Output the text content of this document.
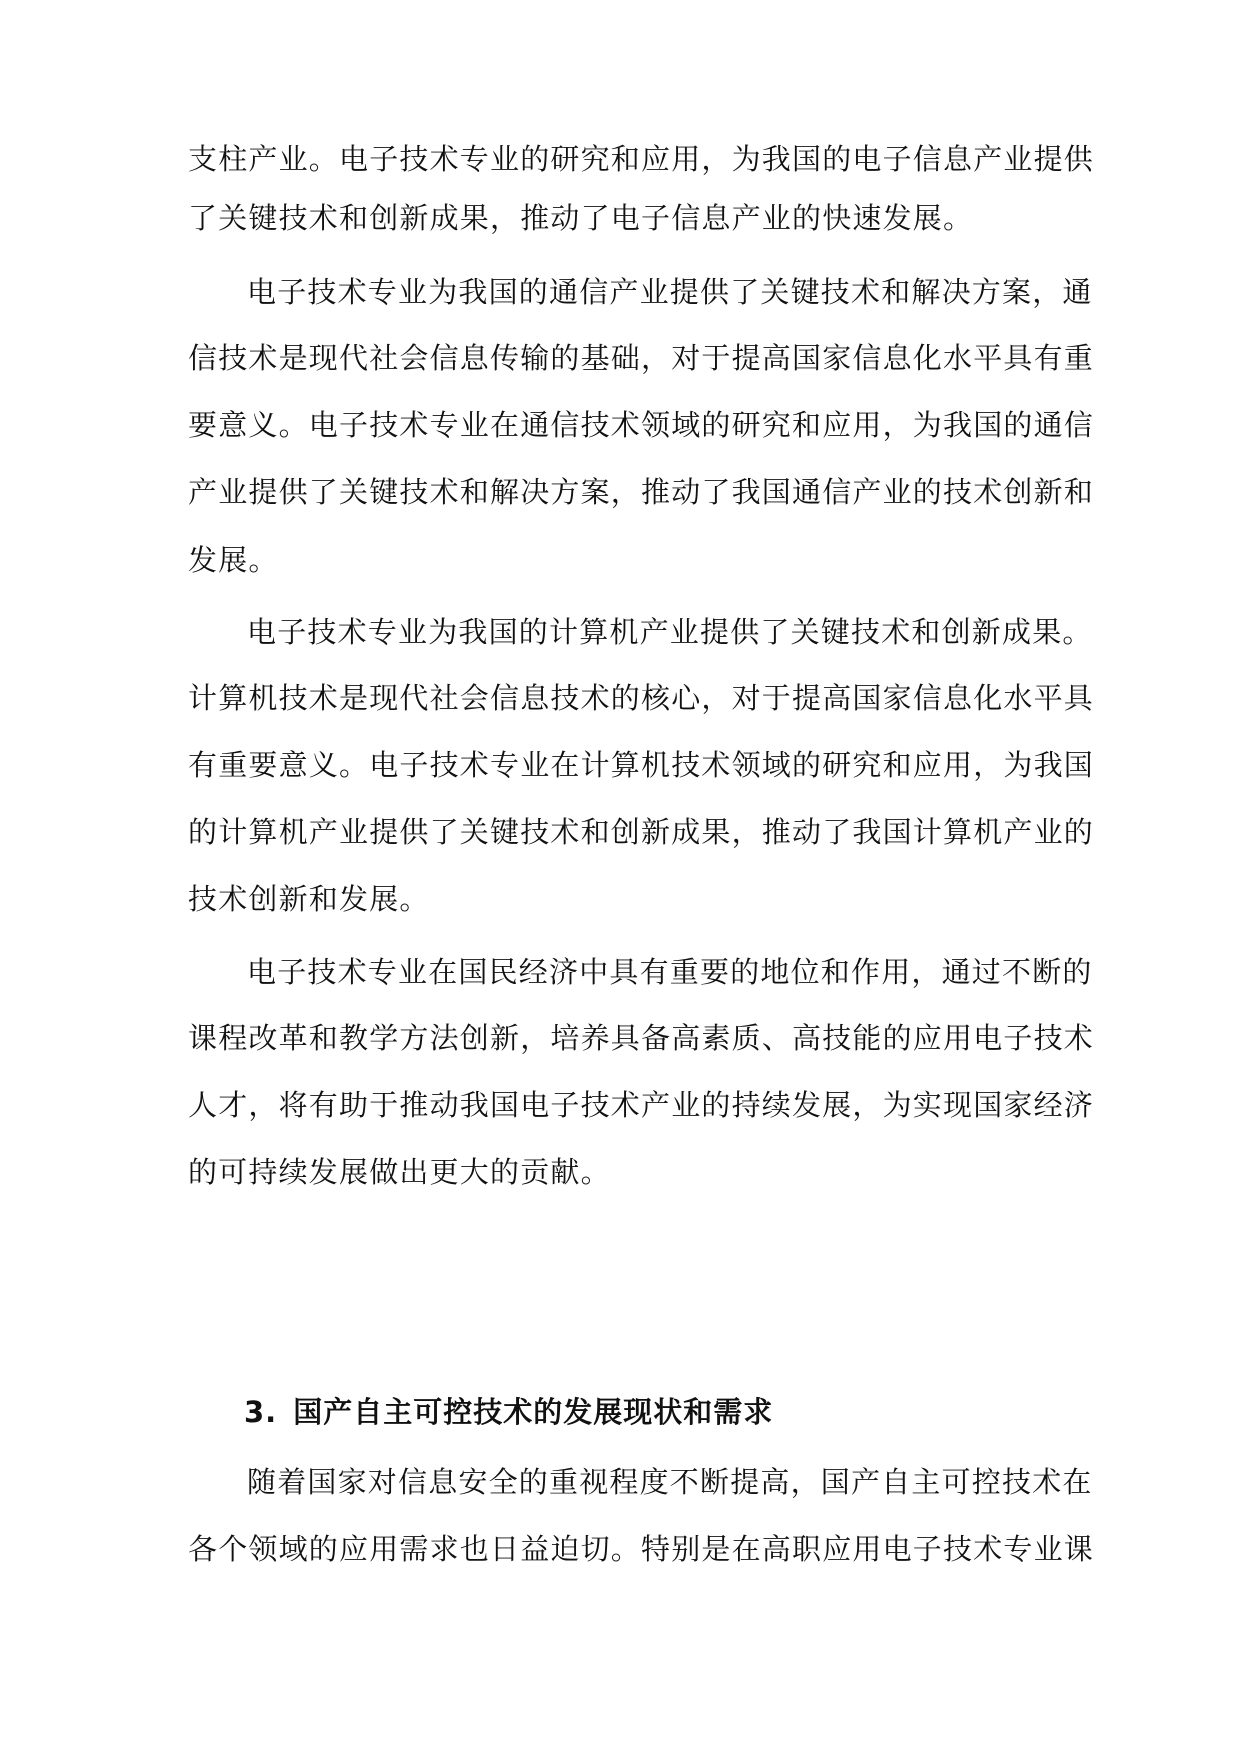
支柱产业。电子技术专业的研究和应用，为我国的电子信息产业提供
了关键技术和创新成果，推动了电子信息产业的快速发展。
电子技术专业为我国的通信产业提供了关键技术和解决方案，通
信技术是现代社会信息传输的基础，对于提高国家信息化水平具有重
要意义。电子技术专业在通信技术领域的研究和应用，为我国的通信
产业提供了关键技术和解决方案，推动了我国通信产业的技术创新和
发展。
电子技术专业为我国的计算机产业提供了关键技术和创新成果。
计算机技术是现代社会信息技术的核心，对于提高国家信息化水平具
有重要意义。电子技术专业在计算机技术领域的研究和应用，为我国
的计算机产业提供了关键技术和创新成果，推动了我国计算机产业的
技术创新和发展。
电子技术专业在国民经济中具有重要的地位和作用，通过不断的
课程改革和教学方法创新，培养具备高素质、高技能的应用电子技术
人才，将有助于推动我国电子技术产业的持续发展，为实现国家经济
的可持续发展做出更大的贡献。
3. 国产自主可控技术的发展现状和需求
随着国家对信息安全的重视程度不断提高，国产自主可控技术在
各个领域的应用需求也日益迫切。特别是在高职应用电子技术专业课
